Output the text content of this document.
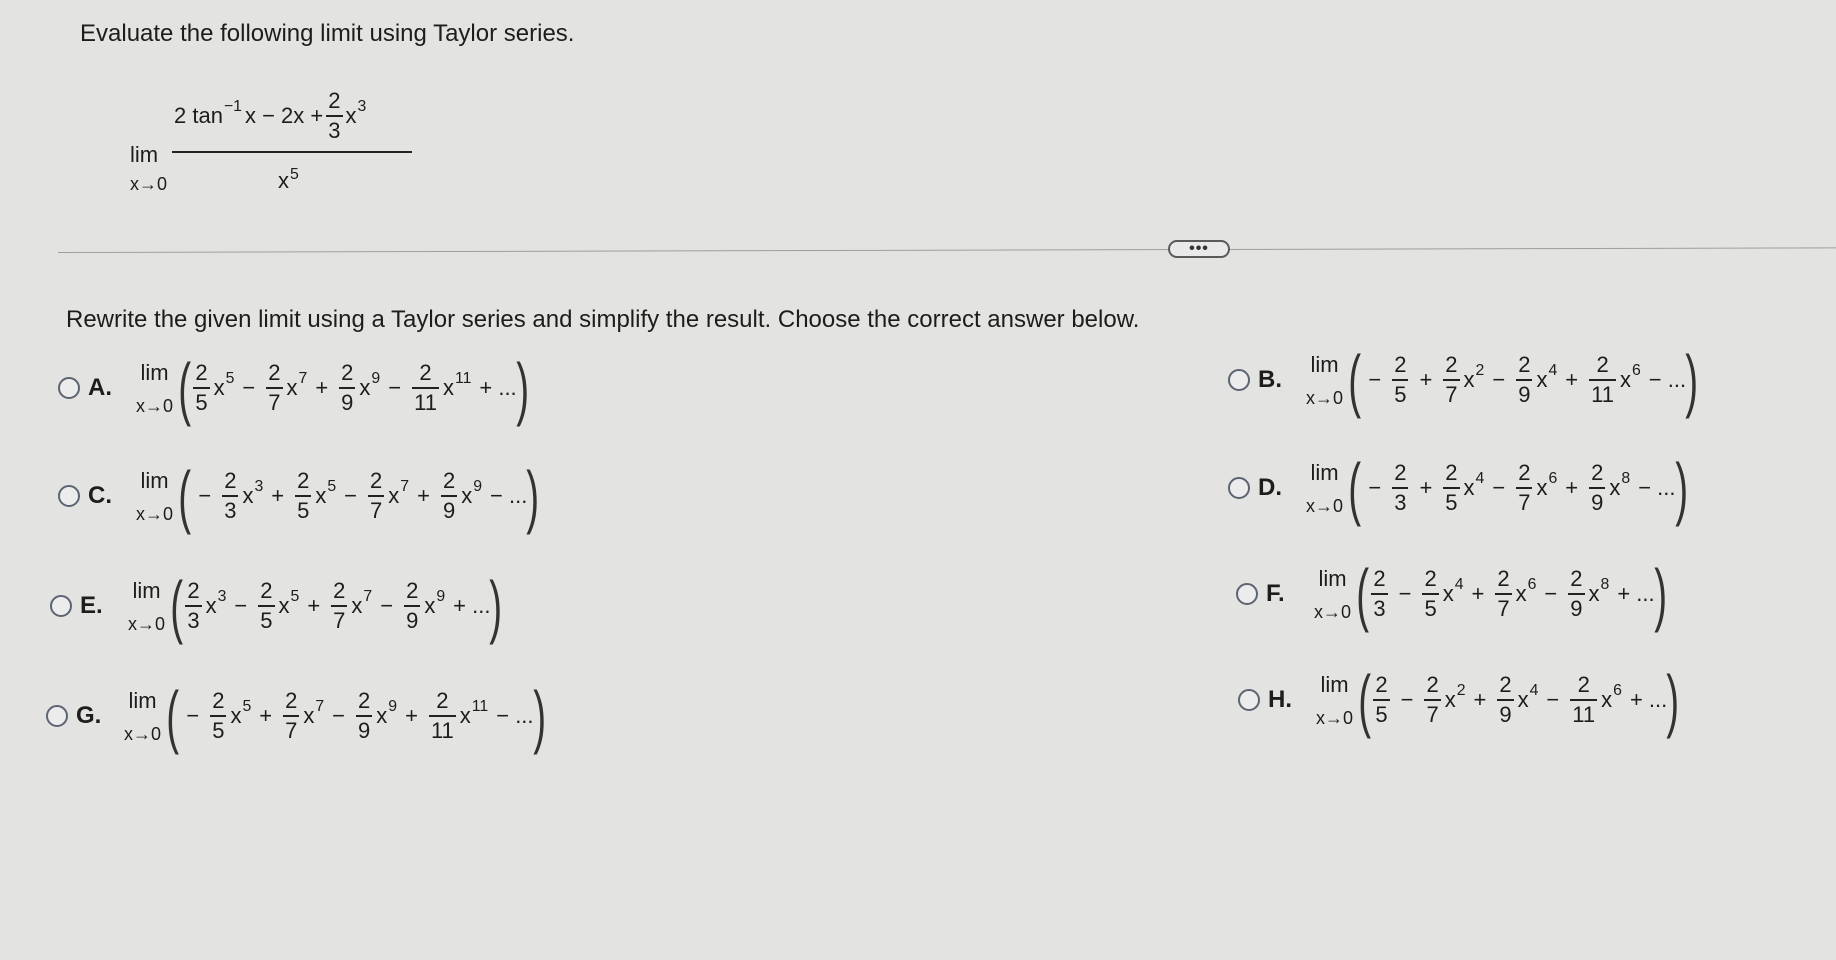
Evaluate the following limit using Taylor series.
lim
x→0
2 tan −1 $x - 2x + \frac{2}{3}$ x 3
$x^5$
•••
Rewrite the given limit using a Taylor series and simplify the result. Choose the correct answer below.
A.
lim
x→0 ( $\frac{2}{5}$ x $5 - \frac{2}{7}$ x $7 + \frac{2}{9}$ x $9 - \frac{2}{11}$ x 11 + ... )	B.
lim
x→0 ( − $\frac{2}{5} + \frac{2}{7}$ x $2 - \frac{2}{9}$ x $4 + \frac{2}{11}$ x 6 − ... )
C.
lim
x→0 ( − $\frac{2}{3}$ x $3 + \frac{2}{5}$ x $5 - \frac{2}{7}$ x $7 + \frac{2}{9}$ x 9 − ... )	D.
lim
x→0 ( − $\frac{2}{3} + \frac{2}{5}$ x $4 - \frac{2}{7}$ x $6 + \frac{2}{9}$ x 8 − ... )
E.
lim
x→0 ( $\frac{2}{3}$ x $3 - \frac{2}{5}$ x $5 + \frac{2}{7}$ x $7 - \frac{2}{9}$ x 9 + ... )	F.
lim
x→0 ( $\frac{2}{3} - \frac{2}{5}$ x $4 + \frac{2}{7}$ x $6 - \frac{2}{9}$ x 8 + ... )
G.
lim
x→0 ( − $\frac{2}{5}$ x $5 + \frac{2}{7}$ x $7 - \frac{2}{9}$ x $9 + \frac{2}{11}$ x 11 − ... )	H.
lim
x→0 ( $\frac{2}{5} - \frac{2}{7}$ x $2 + \frac{2}{9}$ x $4 - \frac{2}{11}$ x 6 + ... )
